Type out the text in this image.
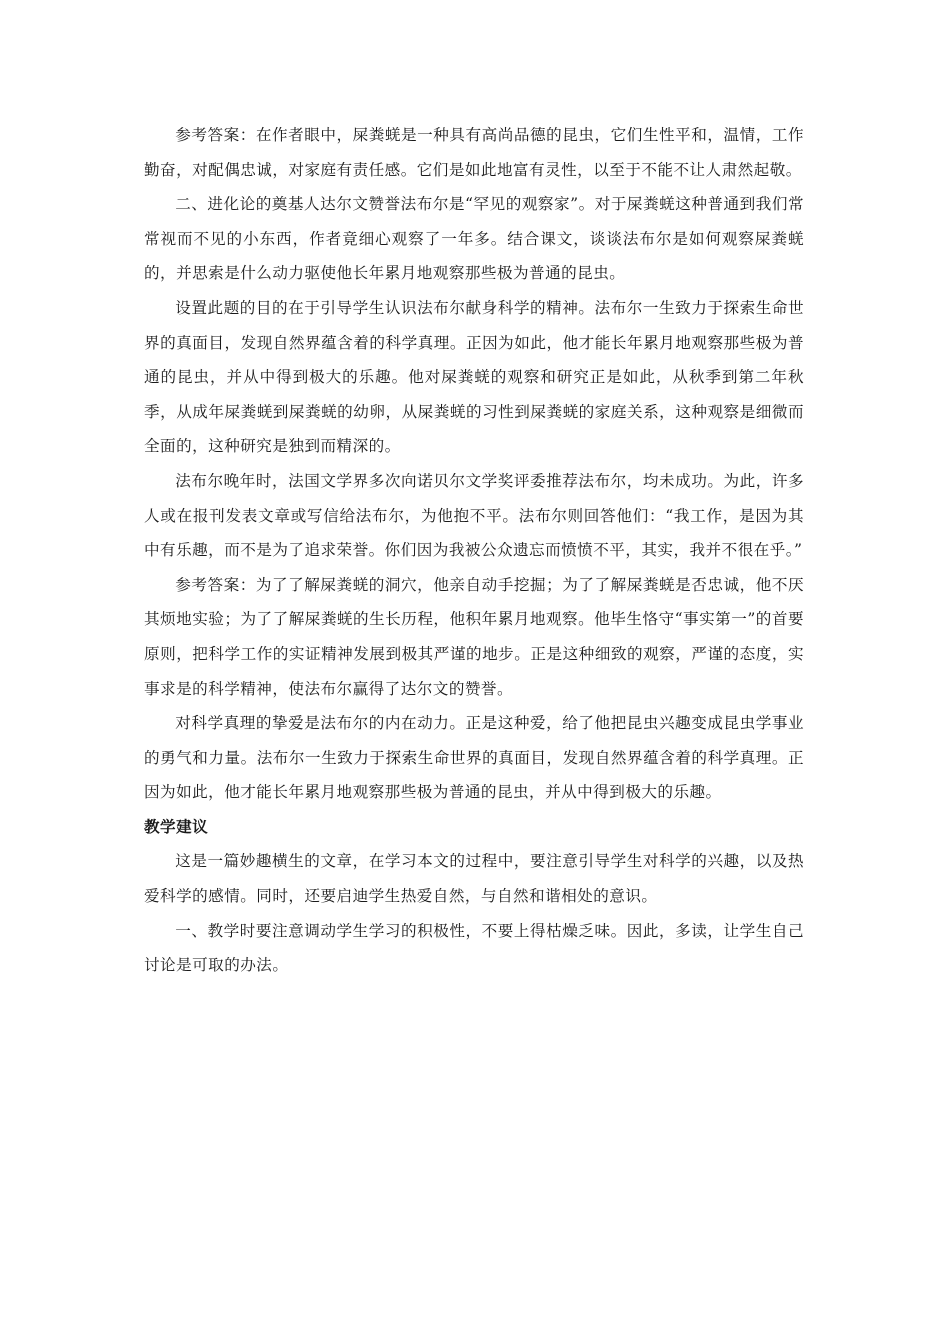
参考答案：在作者眼中，屎粪蜣是一种具有高尚品德的昆虫，它们生性平和，温情，工作勤奋，对配偶忠诚，对家庭有责任感。它们是如此地富有灵性，以至于不能不让人肃然起敬。

二、进化论的奠基人达尔文赞誉法布尔是“罕见的观察家”。对于屎粪蜣这种普通到我们常常视而不见的小东西，作者竟细心观察了一年多。结合课文，谈谈法布尔是如何观察屎粪蜣的，并思索是什么动力驱使他长年累月地观察那些极为普通的昆虫。

设置此题的目的在于引导学生认识法布尔献身科学的精神。法布尔一生致力于探索生命世界的真面目，发现自然界蕴含着的科学真理。正因为如此，他才能长年累月地观察那些极为普通的昆虫，并从中得到极大的乐趣。他对屎粪蜣的观察和研究正是如此，从秋季到第二年秋季，从成年屎粪蜣到屎粪蜣的幼卵，从屎粪蜣的习性到屎粪蜣的家庭关系，这种观察是细微而全面的，这种研究是独到而精深的。

法布尔晚年时，法国文学界多次向诺贝尔文学奖评委推荐法布尔，均未成功。为此，许多人或在报刊发表文章或写信给法布尔，为他抱不平。法布尔则回答他们：“我工作，是因为其中有乐趣，而不是为了追求荣誉。你们因为我被公众遗忘而愤愤不平，其实，我并不很在乎。”

参考答案：为了了解屎粪蜣的洞穴，他亲自动手挖掘；为了了解屎粪蜣是否忠诚，他不厌其烦地实验；为了了解屎粪蜣的生长历程，他积年累月地观察。他毕生恪守“事实第一”的首要原则，把科学工作的实证精神发展到极其严谨的地步。正是这种细致的观察，严谨的态度，实事求是的科学精神，使法布尔赢得了达尔文的赞誉。

对科学真理的挚爱是法布尔的内在动力。正是这种爱，给了他把昆虫兴趣变成昆虫学事业的勇气和力量。法布尔一生致力于探索生命世界的真面目，发现自然界蕴含着的科学真理。正因为如此，他才能长年累月地观察那些极为普通的昆虫，并从中得到极大的乐趣。

教学建议

这是一篇妙趣横生的文章，在学习本文的过程中，要注意引导学生对科学的兴趣，以及热爱科学的感情。同时，还要启迪学生热爱自然，与自然和谐相处的意识。

一、教学时要注意调动学生学习的积极性，不要上得枯燥乏味。因此，多读，让学生自己讨论是可取的办法。
